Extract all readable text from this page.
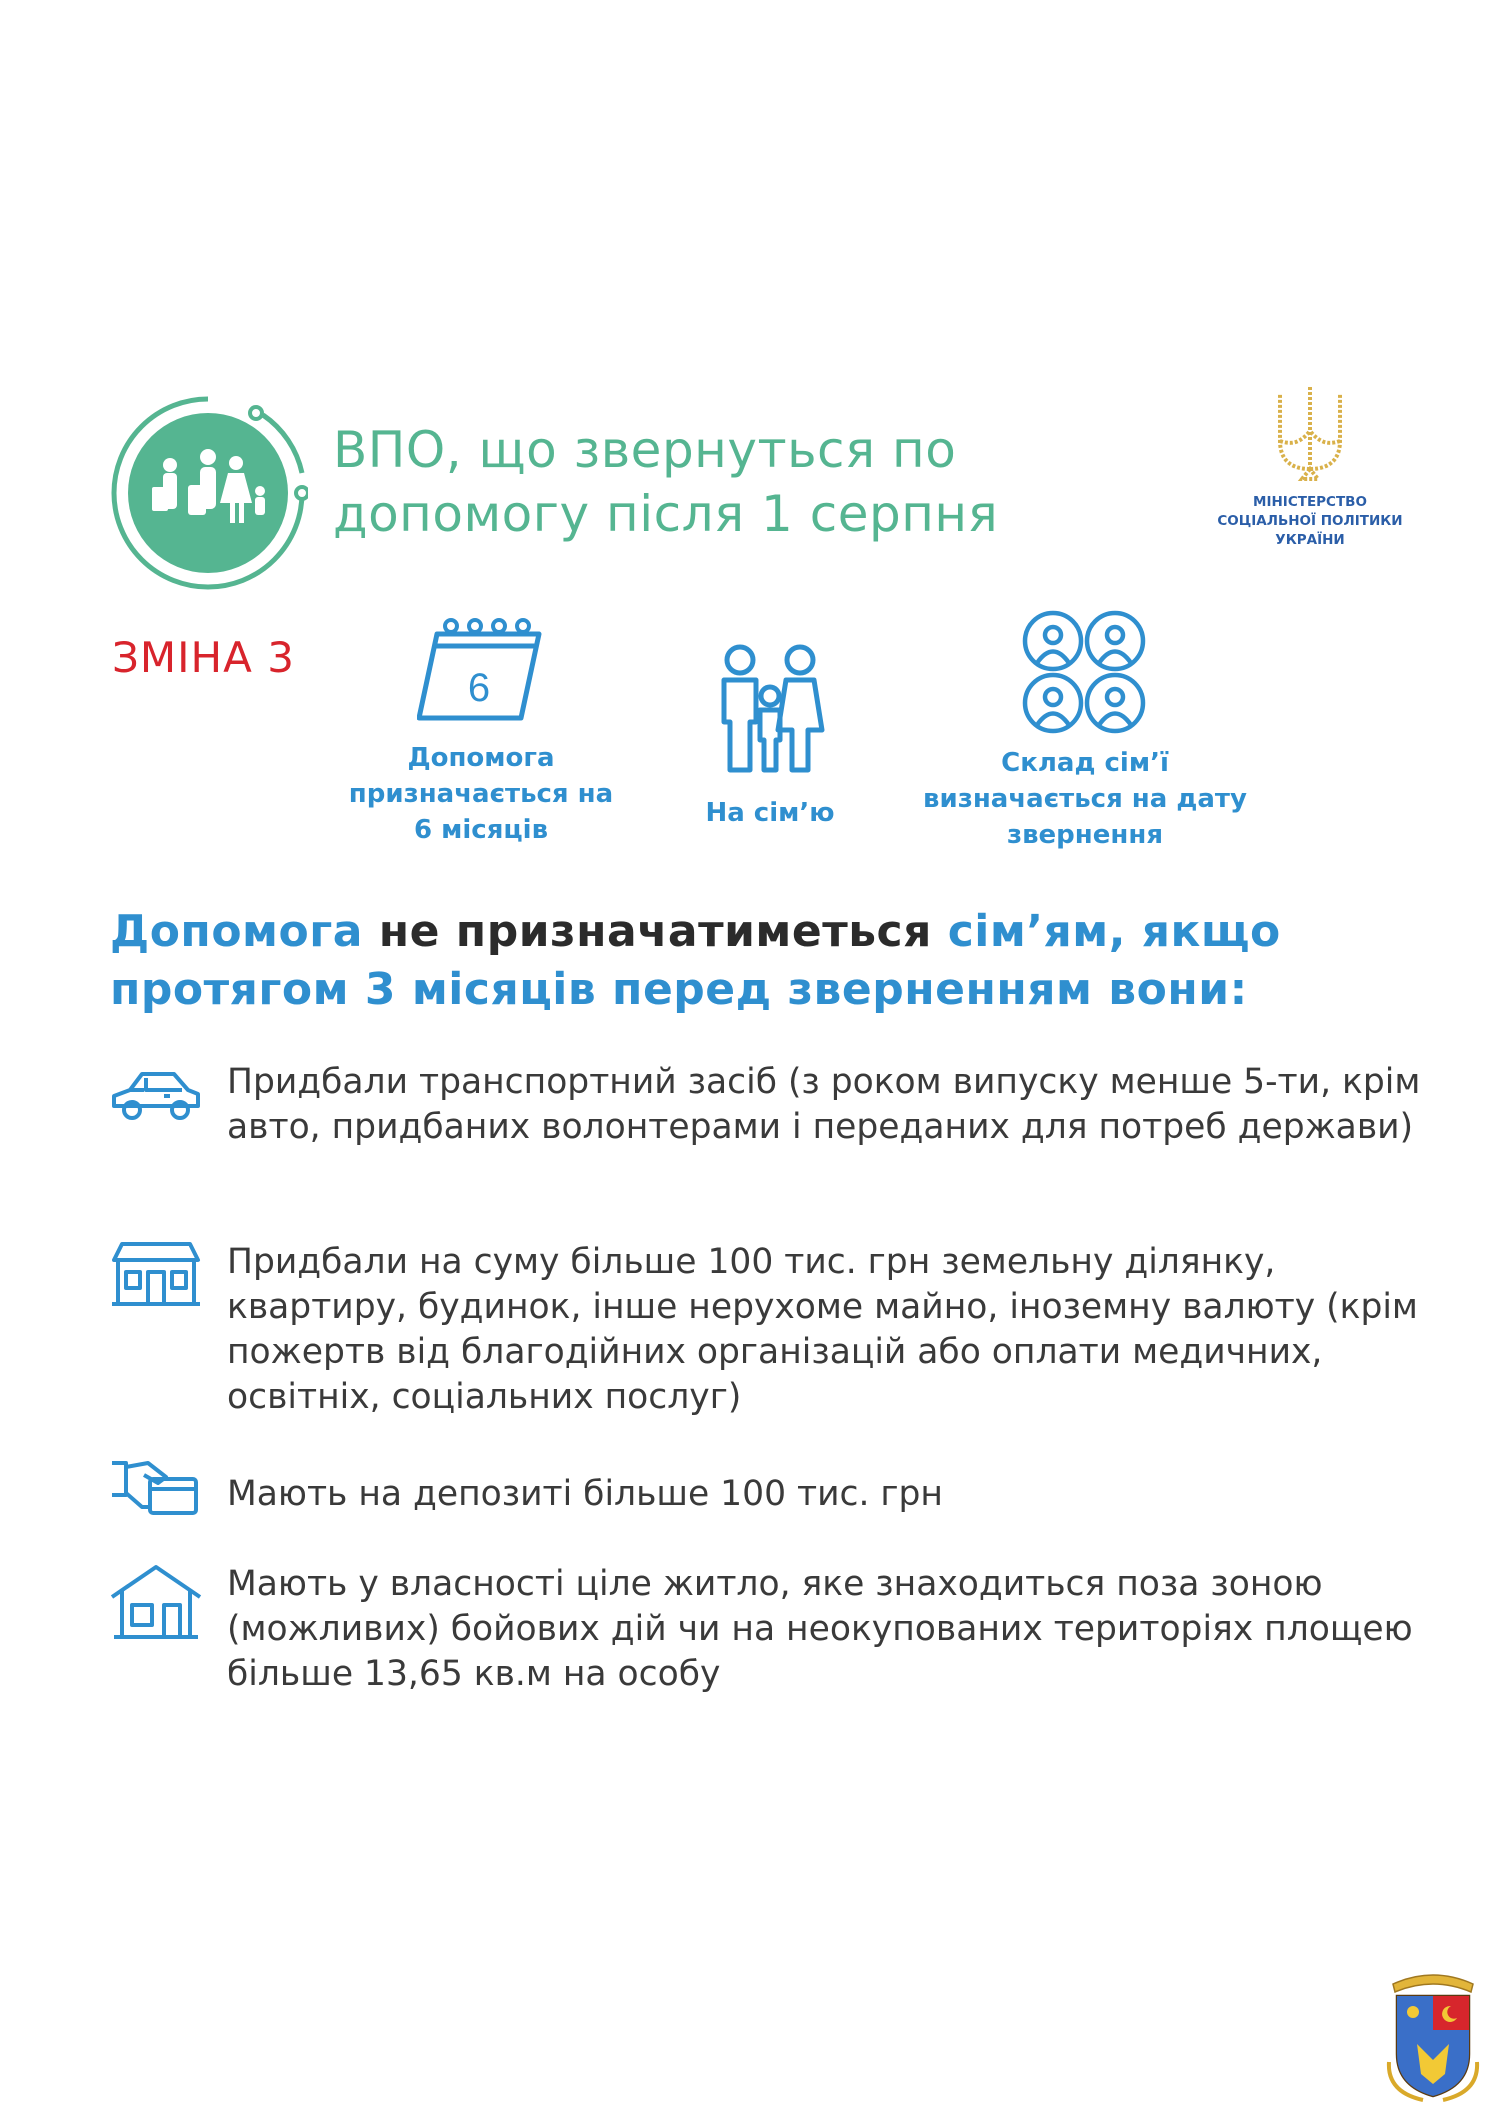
ВПО, що звернуться по допомогу після 1 серпня	МІНІСТЕРСТВО
СОЦІАЛЬНОЇ ПОЛІТИКИ
УКРАЇНИ
ЗМІНА 3
6
Допомога призначається на 6 місяців
На сім’ю
Склад сім’ї визначається на дату звернення
Допомога не призначатиметься сім’ям, якщо протягом 3 місяців перед зверненням вони:
Придбали транспортний засіб (з роком випуску менше 5-ти, крім авто, придбаних волонтерами і переданих для потреб держави)
Придбали на суму більше 100 тис. грн земельну ділянку, квартиру, будинок, інше нерухоме майно, іноземну валюту (крім пожертв від благодійних організацій або оплати медичних, освітніх, соціальних послуг)
Мають на депозиті більше 100 тис. грн
Мають у власності ціле житло, яке знаходиться поза зоною (можливих) бойових дій чи на неокупованих територіях площею більше 13,65 кв.м на особу
